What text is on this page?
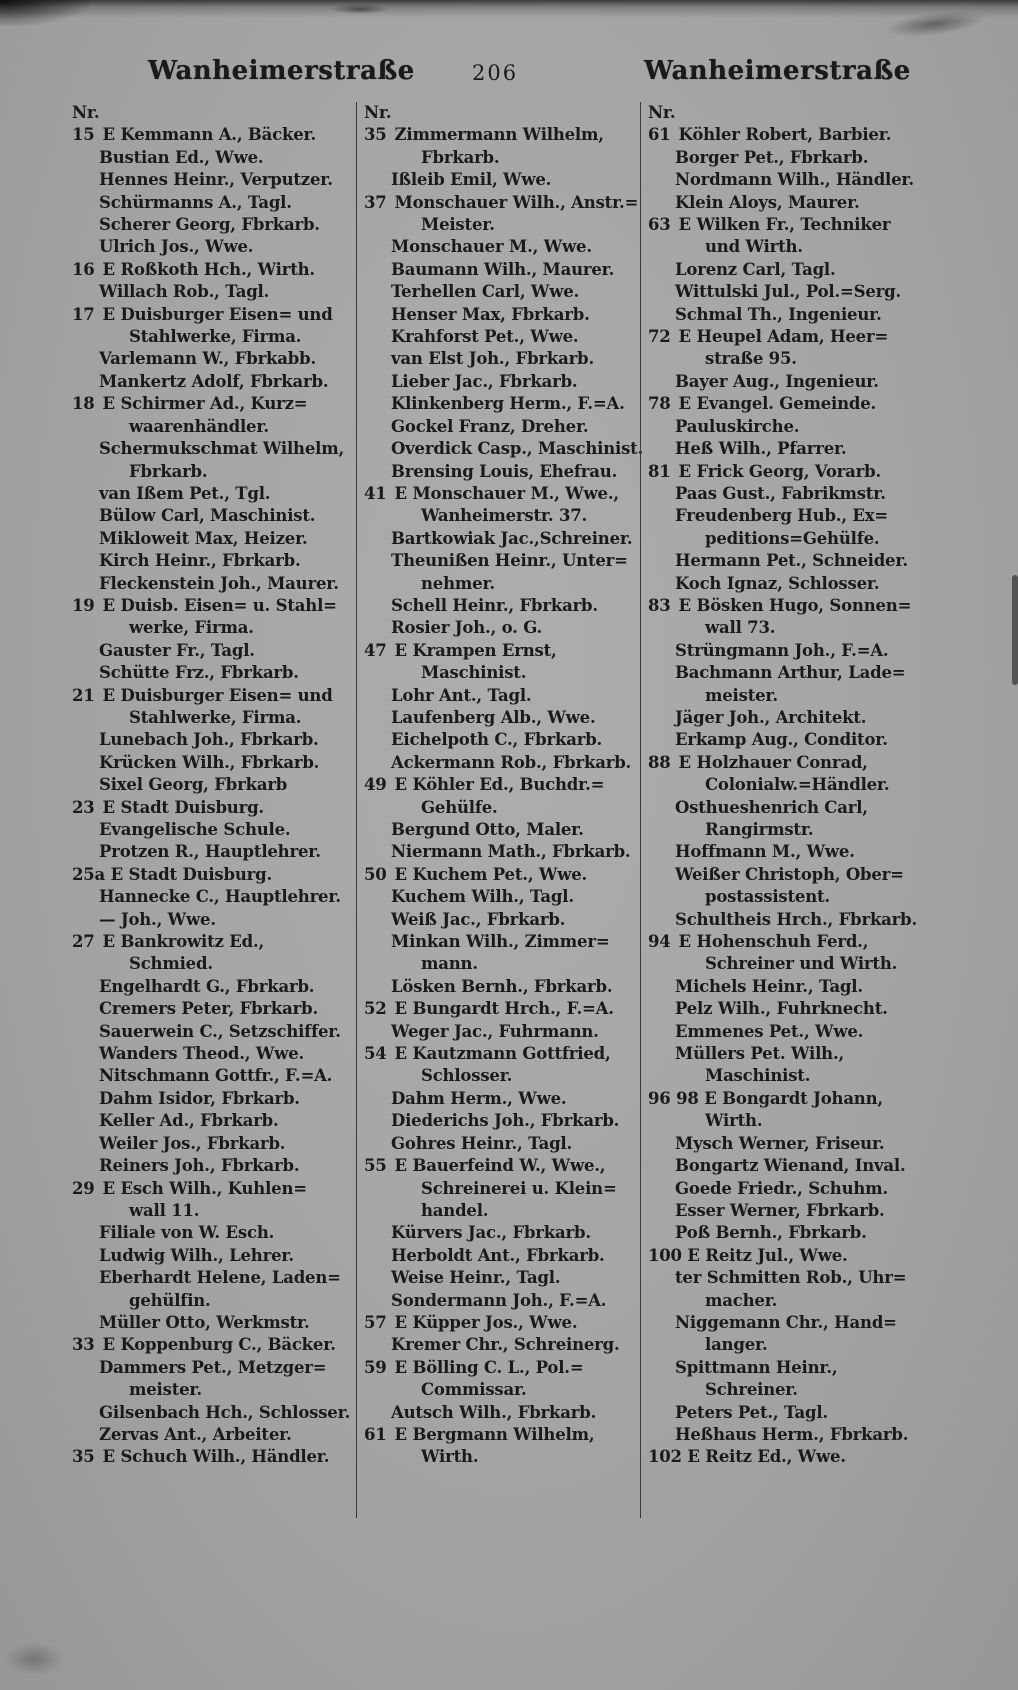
Wanheimerstraße	206	Wanheimerstraße
Nr.
15 E Kemmann A., Bäcker.
Bustian Ed., Wwe.
Hennes Heinr., Verputzer.
Schürmanns A., Tagl.
Scherer Georg, Fbrkarb.
Ulrich Jos., Wwe.
16 E Roßkoth Hch., Wirth.
Willach Rob., Tagl.
17 E Duisburger Eisen= und
Stahlwerke, Firma.
Varlemann W., Fbrkabb.
Mankertz Adolf, Fbrkarb.
18 E Schirmer Ad., Kurz=
waarenhändler.
Schermukschmat Wilhelm,
Fbrkarb.
van Ißem Pet., Tgl.
Bülow Carl, Maschinist.
Mikloweit Max, Heizer.
Kirch Heinr., Fbrkarb.
Fleckenstein Joh., Maurer.
19 E Duisb. Eisen= u. Stahl=
werke, Firma.
Gauster Fr., Tagl.
Schütte Frz., Fbrkarb.
21 E Duisburger Eisen= und
Stahlwerke, Firma.
Lunebach Joh., Fbrkarb.
Krücken Wilh., Fbrkarb.
Sixel Georg, Fbrkarb
23 E Stadt Duisburg.
Evangelische Schule.
Protzen R., Hauptlehrer.
25a E Stadt Duisburg.
Hannecke C., Hauptlehrer.
— Joh., Wwe.
27 E Bankrowitz Ed.,
Schmied.
Engelhardt G., Fbrkarb.
Cremers Peter, Fbrkarb.
Sauerwein C., Setzschiffer.
Wanders Theod., Wwe.
Nitschmann Gottfr., F.=A.
Dahm Isidor, Fbrkarb.
Keller Ad., Fbrkarb.
Weiler Jos., Fbrkarb.
Reiners Joh., Fbrkarb.
29 E Esch Wilh., Kuhlen=
wall 11.
Filiale von W. Esch.
Ludwig Wilh., Lehrer.
Eberhardt Helene, Laden=
gehülfin.
Müller Otto, Werkmstr.
33 E Koppenburg C., Bäcker.
Dammers Pet., Metzger=
meister.
Gilsenbach Hch., Schlosser.
Zervas Ant., Arbeiter.
35 E Schuch Wilh., Händler.
Nr.
35 Zimmermann Wilhelm,
Fbrkarb.
Ißleib Emil, Wwe.
37 Monschauer Wilh., Anstr.=
Meister.
Monschauer M., Wwe.
Baumann Wilh., Maurer.
Terhellen Carl, Wwe.
Henser Max, Fbrkarb.
Krahforst Pet., Wwe.
van Elst Joh., Fbrkarb.
Lieber Jac., Fbrkarb.
Klinkenberg Herm., F.=A.
Gockel Franz, Dreher.
Overdick Casp., Maschinist.
Brensing Louis, Ehefrau.
41 E Monschauer M., Wwe.,
Wanheimerstr. 37.
Bartkowiak Jac.,Schreiner.
Theunißen Heinr., Unter=
nehmer.
Schell Heinr., Fbrkarb.
Rosier Joh., o. G.
47 E Krampen Ernst,
Maschinist.
Lohr Ant., Tagl.
Laufenberg Alb., Wwe.
Eichelpoth C., Fbrkarb.
Ackermann Rob., Fbrkarb.
49 E Köhler Ed., Buchdr.=
Gehülfe.
Bergund Otto, Maler.
Niermann Math., Fbrkarb.
50 E Kuchem Pet., Wwe.
Kuchem Wilh., Tagl.
Weiß Jac., Fbrkarb.
Minkan Wilh., Zimmer=
mann.
Lösken Bernh., Fbrkarb.
52 E Bungardt Hrch., F.=A.
Weger Jac., Fuhrmann.
54 E Kautzmann Gottfried,
Schlosser.
Dahm Herm., Wwe.
Diederichs Joh., Fbrkarb.
Gohres Heinr., Tagl.
55 E Bauerfeind W., Wwe.,
Schreinerei u. Klein=
handel.
Kürvers Jac., Fbrkarb.
Herboldt Ant., Fbrkarb.
Weise Heinr., Tagl.
Sondermann Joh., F.=A.
57 E Küpper Jos., Wwe.
Kremer Chr., Schreinerg.
59 E Bölling C. L., Pol.=
Commissar.
Autsch Wilh., Fbrkarb.
61 E Bergmann Wilhelm,
Wirth.
Nr.
61 Köhler Robert, Barbier.
Borger Pet., Fbrkarb.
Nordmann Wilh., Händler.
Klein Aloys, Maurer.
63 E Wilken Fr., Techniker
und Wirth.
Lorenz Carl, Tagl.
Wittulski Jul., Pol.=Serg.
Schmal Th., Ingenieur.
72 E Heupel Adam, Heer=
straße 95.
Bayer Aug., Ingenieur.
78 E Evangel. Gemeinde.
Pauluskirche.
Heß Wilh., Pfarrer.
81 E Frick Georg, Vorarb.
Paas Gust., Fabrikmstr.
Freudenberg Hub., Ex=
peditions=Gehülfe.
Hermann Pet., Schneider.
Koch Ignaz, Schlosser.
83 E Bösken Hugo, Sonnen=
wall 73.
Strüngmann Joh., F.=A.
Bachmann Arthur, Lade=
meister.
Jäger Joh., Architekt.
Erkamp Aug., Conditor.
88 E Holzhauer Conrad,
Colonialw.=Händler.
Osthueshenrich Carl,
Rangirmstr.
Hoffmann M., Wwe.
Weißer Christoph, Ober=
postassistent.
Schultheis Hrch., Fbrkarb.
94 E Hohenschuh Ferd.,
Schreiner und Wirth.
Michels Heinr., Tagl.
Pelz Wilh., Fuhrknecht.
Emmenes Pet., Wwe.
Müllers Pet. Wilh.,
Maschinist.
96 98 E Bongardt Johann,
Wirth.
Mysch Werner, Friseur.
Bongartz Wienand, Inval.
Goede Friedr., Schuhm.
Esser Werner, Fbrkarb.
Poß Bernh., Fbrkarb.
100 E Reitz Jul., Wwe.
ter Schmitten Rob., Uhr=
macher.
Niggemann Chr., Hand=
langer.
Spittmann Heinr.,
Schreiner.
Peters Pet., Tagl.
Heßhaus Herm., Fbrkarb.
102 E Reitz Ed., Wwe.
